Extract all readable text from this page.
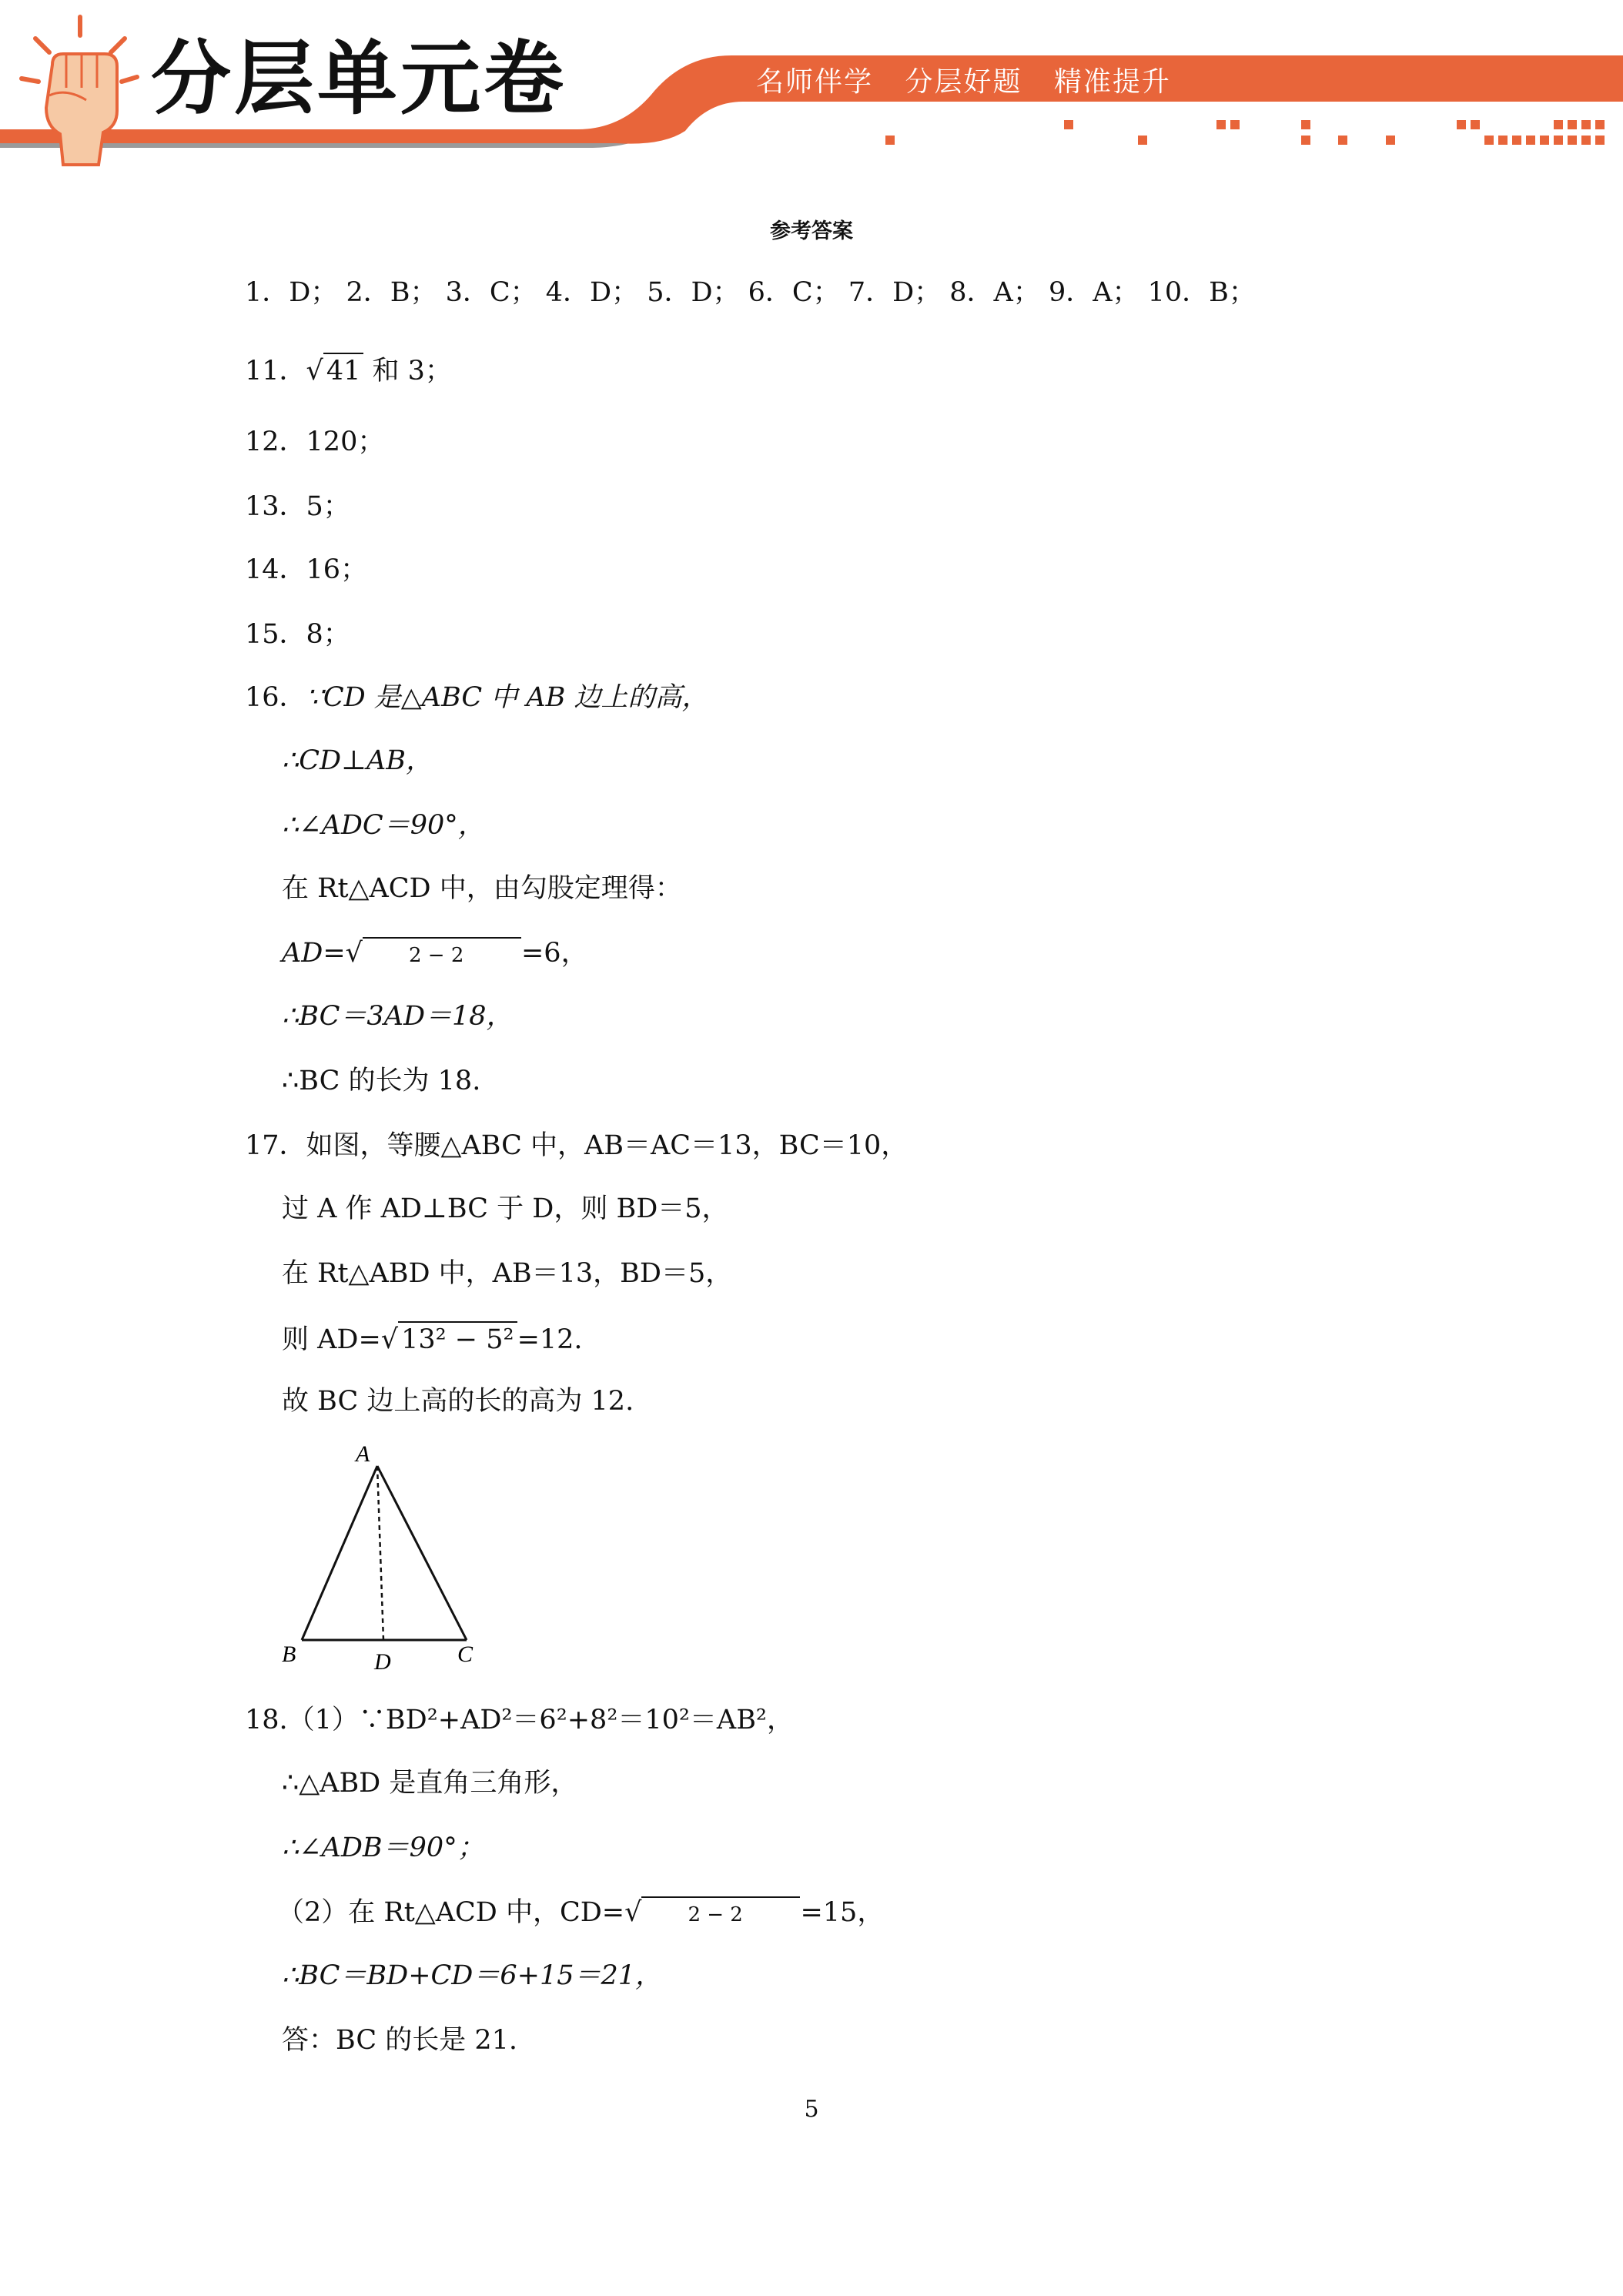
分层单元卷	名师伴学 分层好题 精准提升
参考答案
1．D； 2．B； 3．C； 4．D； 5．D； 6．C； 7．D； 8．A； 9．A； 10．B；
11．√ 41 和 3；
12．120；
13．5；
14．16；
15．8；
16．∵CD 是△ABC 中 AB 边上的高，
∴CD⊥AB，
∴∠ADC＝90°，
在 Rt△ACD 中，由勾股定理得：
AD=√ 2 − 2 =6，
∴BC＝3AD＝18，
∴BC 的长为 18.
17．如图，等腰△ABC 中，AB＝AC＝13，BC＝10，
过 A 作 AD⊥BC 于 D，则 BD＝5，
在 Rt△ABD 中，AB＝13，BD＝5，
则 AD=√ 13² − 5² =12.
故 BC 边上高的长的高为 12.
A
B	D	C
18.（1）∵BD²+AD²＝6²+8²＝10²＝AB²，
∴△ABD 是直角三角形，
∴∠ADB＝90°；
（2）在 Rt△ACD 中，CD=√ 2 − 2 =15，
∴BC＝BD+CD＝6+15＝21，
答：BC 的长是 21.
5
